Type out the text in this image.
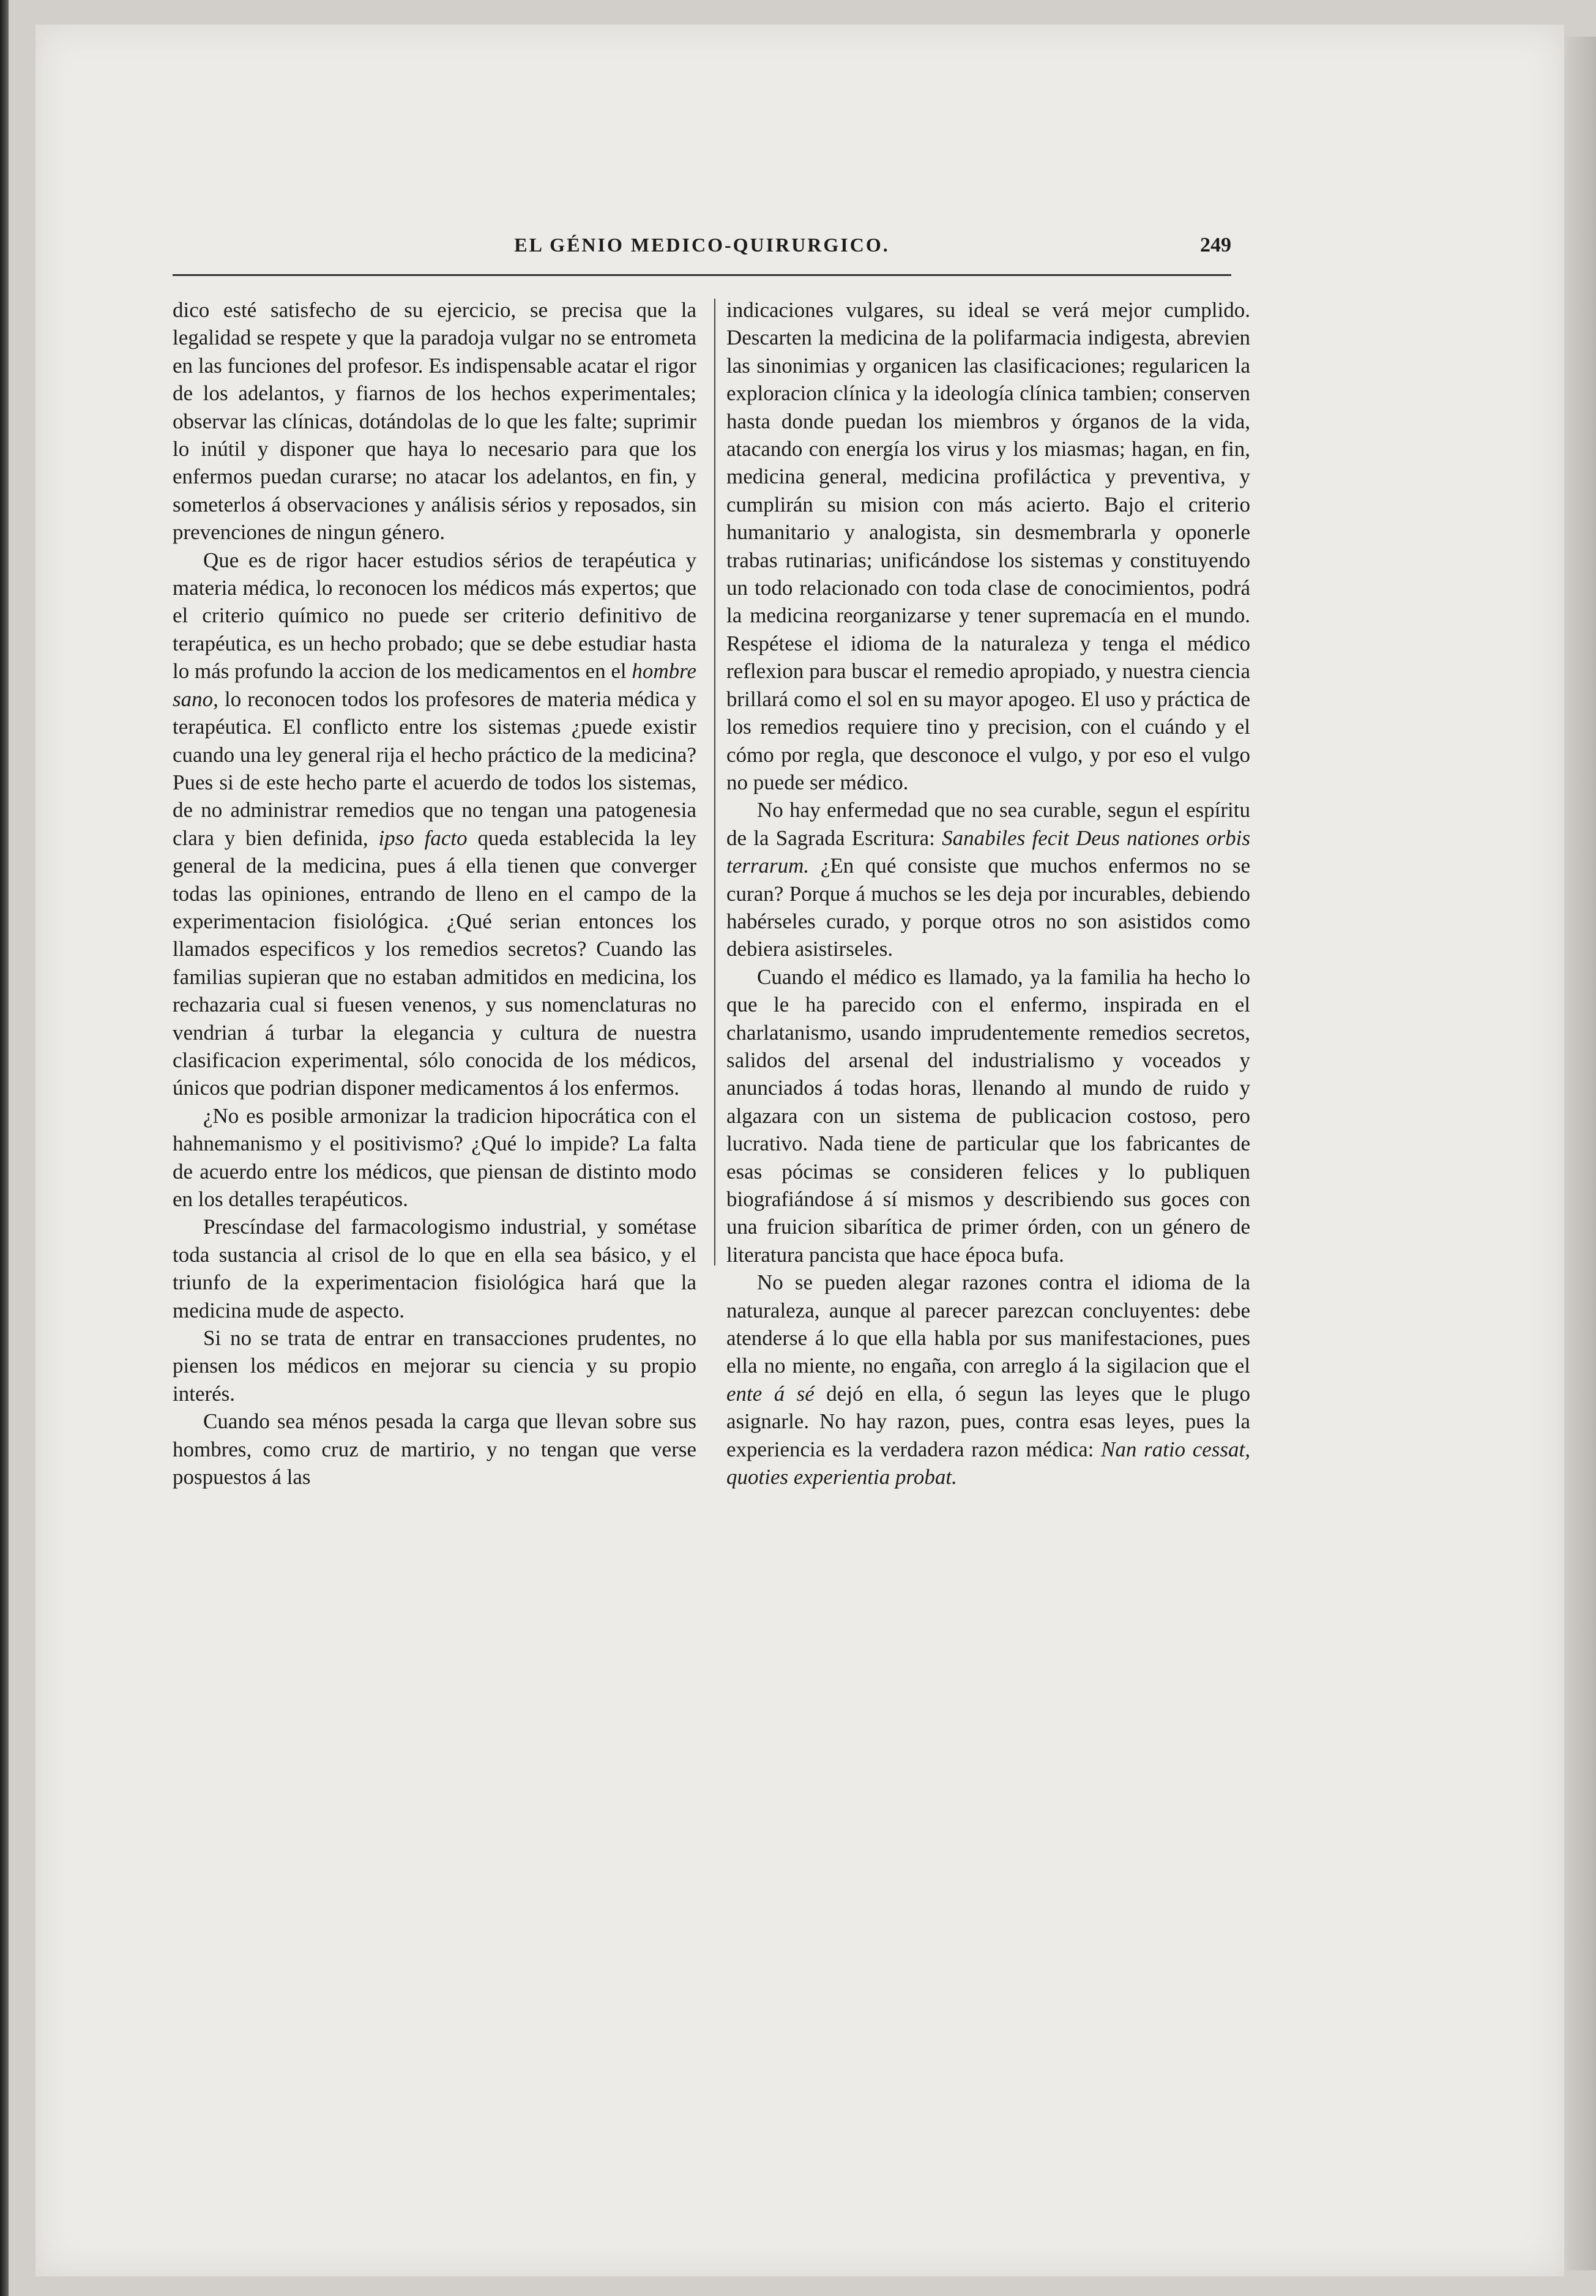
EL GÉNIO MEDICO-QUIRURGICO.	249

dico esté satisfecho de su ejercicio, se precisa que la legalidad se respete y que la paradoja vulgar no se entrometa en las funciones del profesor. Es indispensable acatar el rigor de los adelantos, y fiarnos de los hechos experimentales; observar las clínicas, dotándolas de lo que les falte; suprimir lo inútil y disponer que haya lo necesario para que los enfermos puedan curarse; no atacar los adelantos, en fin, y someterlos á observaciones y análisis sérios y reposados, sin prevenciones de ningun género.

Que es de rigor hacer estudios sérios de terapéutica y materia médica, lo reconocen los médicos más expertos; que el criterio químico no puede ser criterio definitivo de terapéutica, es un hecho probado; que se debe estudiar hasta lo más profundo la accion de los medicamentos en el hombre sano, lo reconocen todos los profesores de materia médica y terapéutica. El conflicto entre los sistemas ¿puede existir cuando una ley general rija el hecho práctico de la medicina? Pues si de este hecho parte el acuerdo de todos los sistemas, de no administrar remedios que no tengan una patogenesia clara y bien definida, ipso facto queda establecida la ley general de la medicina, pues á ella tienen que converger todas las opiniones, entrando de lleno en el campo de la experimentacion fisiológica. ¿Qué serian entonces los llamados especificos y los remedios secretos? Cuando las familias supieran que no estaban admitidos en medicina, los rechazaria cual si fuesen venenos, y sus nomenclaturas no vendrian á turbar la elegancia y cultura de nuestra clasificacion experimental, sólo conocida de los médicos, únicos que podrian disponer medicamentos á los enfermos.

¿No es posible armonizar la tradicion hipocrática con el hahnemanismo y el positivismo? ¿Qué lo impide? La falta de acuerdo entre los médicos, que piensan de distinto modo en los detalles terapéuticos.

Prescíndase del farmacologismo industrial, y sométase toda sustancia al crisol de lo que en ella sea básico, y el triunfo de la experimentacion fisiológica hará que la medicina mude de aspecto.

Si no se trata de entrar en transacciones prudentes, no piensen los médicos en mejorar su ciencia y su propio interés.

Cuando sea ménos pesada la carga que llevan sobre sus hombres, como cruz de martirio, y no tengan que verse pospuestos á las

indicaciones vulgares, su ideal se verá mejor cumplido. Descarten la medicina de la polifarmacia indigesta, abrevien las sinonimias y organicen las clasificaciones; regularicen la exploracion clínica y la ideología clínica tambien; conserven hasta donde puedan los miembros y órganos de la vida, atacando con energía los virus y los miasmas; hagan, en fin, medicina general, medicina profiláctica y preventiva, y cumplirán su mision con más acierto. Bajo el criterio humanitario y analogista, sin desmembrarla y oponerle trabas rutinarias; unificándose los sistemas y constituyendo un todo relacionado con toda clase de conocimientos, podrá la medicina reorganizarse y tener supremacía en el mundo. Respétese el idioma de la naturaleza y tenga el médico reflexion para buscar el remedio apropiado, y nuestra ciencia brillará como el sol en su mayor apogeo. El uso y práctica de los remedios requiere tino y precision, con el cuándo y el cómo por regla, que desconoce el vulgo, y por eso el vulgo no puede ser médico.

No hay enfermedad que no sea curable, segun el espíritu de la Sagrada Escritura: Sanabiles fecit Deus nationes orbis terrarum. ¿En qué consiste que muchos enfermos no se curan? Porque á muchos se les deja por incurables, debiendo habérseles curado, y porque otros no son asistidos como debiera asistirseles.

Cuando el médico es llamado, ya la familia ha hecho lo que le ha parecido con el enfermo, inspirada en el charlatanismo, usando imprudentemente remedios secretos, salidos del arsenal del industrialismo y voceados y anunciados á todas horas, llenando al mundo de ruido y algazara con un sistema de publicacion costoso, pero lucrativo. Nada tiene de particular que los fabricantes de esas pócimas se consideren felices y lo publiquen biografiándose á sí mismos y describiendo sus goces con una fruicion sibarítica de primer órden, con un género de literatura pancista que hace época bufa.

No se pueden alegar razones contra el idioma de la naturaleza, aunque al parecer parezcan concluyentes: debe atenderse á lo que ella habla por sus manifestaciones, pues ella no miente, no engaña, con arreglo á la sigilacion que el ente á sé dejó en ella, ó segun las leyes que le plugo asignarle. No hay razon, pues, contra esas leyes, pues la experiencia es la verdadera razon médica: Nan ratio cessat, quoties experientia probat.
